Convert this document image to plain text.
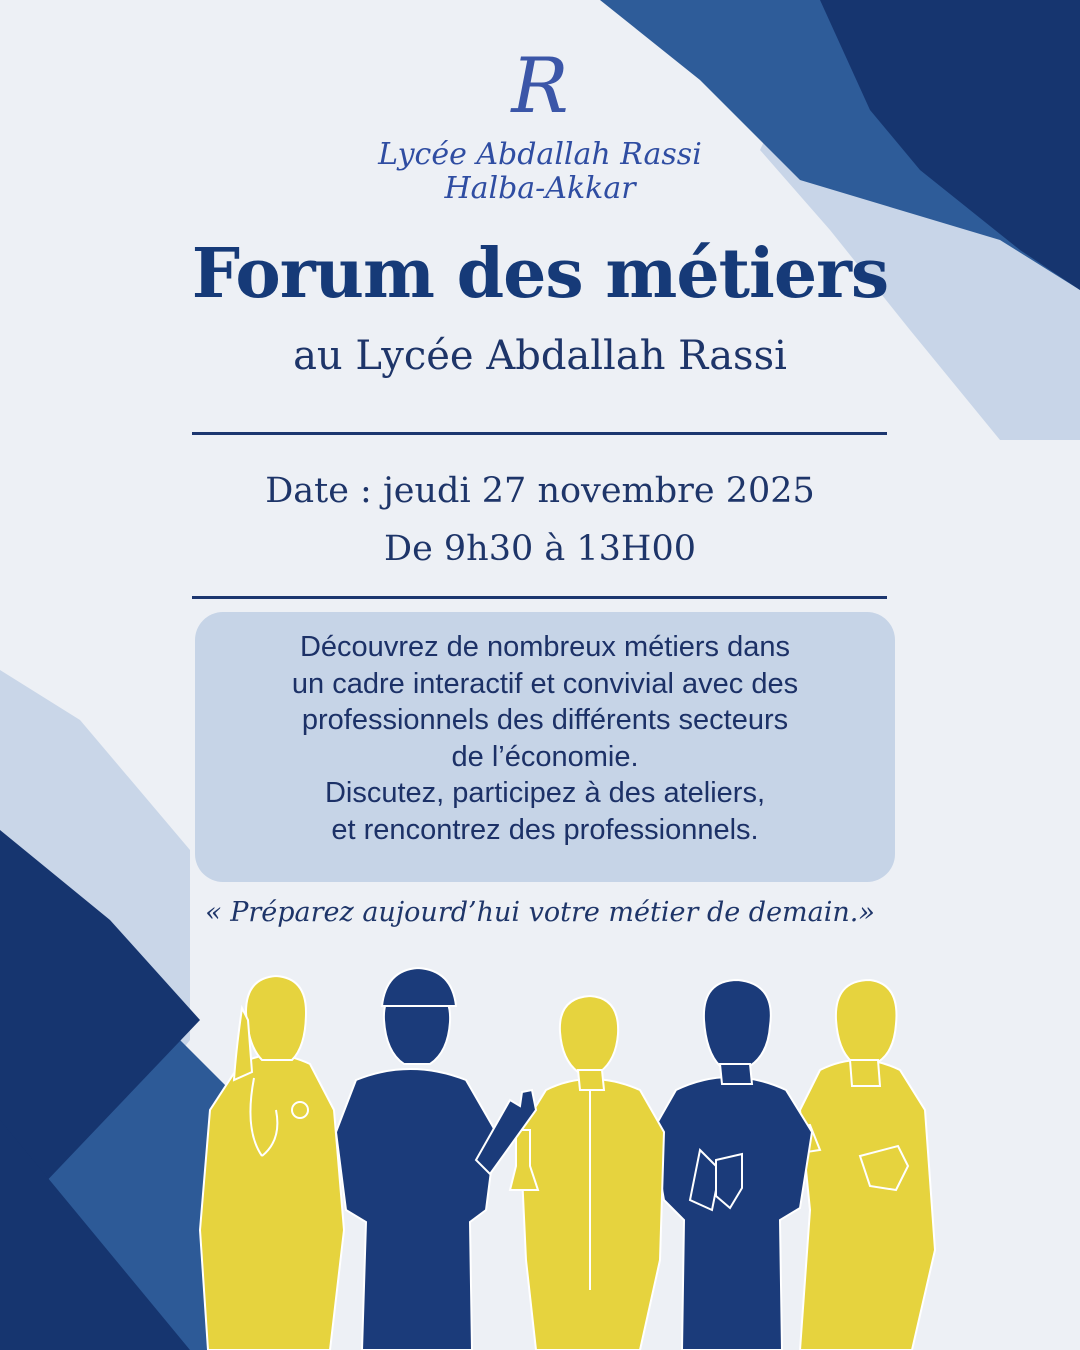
R
Lycée Abdallah Rassi
Halba-Akkar
Forum des métiers
au Lycée Abdallah Rassi
Date : jeudi 27 novembre 2025
De 9h30 à 13H00

Découvrez de nombreux métiers dans

un cadre interactif et convivial avec des

professionnels des différents secteurs

de l’économie.

Discutez, participez à des ateliers,

et rencontrez des professionnels.

« Préparez aujourd’hui votre métier de demain.»
